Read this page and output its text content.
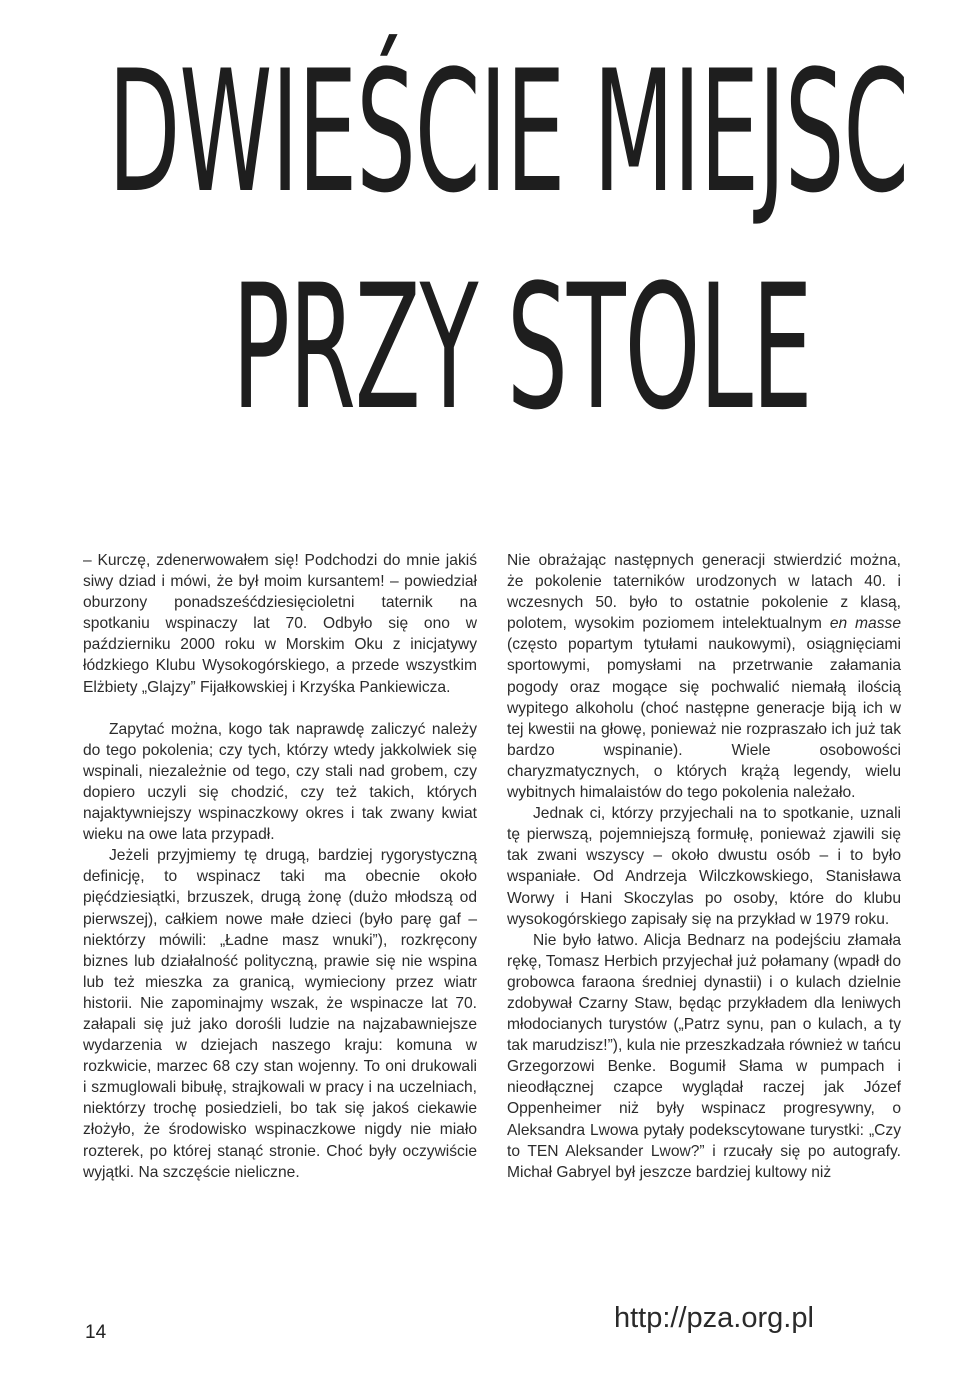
DWIEŚCIE MIEJSC
PRZY STOLE

– Kurczę, zdenerwowałem się! Podchodzi do mnie jakiś siwy dziad i mówi, że był moim kursantem! – powiedział oburzony ponadsześćdziesięcioletni taternik na spotkaniu wspinaczy lat 70. Odbyło się ono w październiku 2000 roku w Morskim Oku z inicjatywy łódzkiego Klubu Wysokogórskiego, a przede wszystkim Elżbiety „Glajzy” Fijałkowskiej i Krzyśka Pankiewicza.

Zapytać można, kogo tak naprawdę zaliczyć należy do tego pokolenia; czy tych, którzy wtedy jakkolwiek się wspinali, niezależnie od tego, czy stali nad grobem, czy dopiero uczyli się chodzić, czy też takich, których najaktywniejszy wspinaczkowy okres i tak zwany kwiat wieku na owe lata przypadł.

Jeżeli przyjmiemy tę drugą, bardziej rygorystyczną definicję, to wspinacz taki ma obecnie około pięćdziesiątki, brzuszek, drugą żonę (dużo młodszą od pierwszej), całkiem nowe małe dzieci (było parę gaf – niektórzy mówili: „Ładne masz wnuki”), rozkręcony biznes lub działalność polityczną, prawie się nie wspina lub też mieszka za granicą, wymieciony przez wiatr historii. Nie zapominajmy wszak, że wspinacze lat 70. załapali się już jako dorośli ludzie na najzabawniejsze wydarzenia w dziejach naszego kraju: komuna w rozkwicie, marzec 68 czy stan wojenny. To oni drukowali i szmuglowali bibułę, strajkowali w pracy i na uczelniach, niektórzy trochę posiedzieli, bo tak się jakoś ciekawie złożyło, że środowisko wspinaczkowe nigdy nie miało rozterek, po której stanąć stronie. Choć były oczywiście wyjątki. Na szczęście nieliczne.

Nie obrażając następnych generacji stwierdzić można, że pokolenie taterników urodzonych w latach 40. i wczesnych 50. było to ostatnie pokolenie z klasą, polotem, wysokim poziomem intelektualnym en masse (często popartym tytułami naukowymi), osiągnięciami sportowymi, pomysłami na przetrwanie załamania pogody oraz mogące się pochwalić niemałą ilością wypitego alkoholu (choć następne generacje biją ich w tej kwestii na głowę, ponieważ nie rozpraszało ich już tak bardzo wspinanie). Wiele osobowości charyzmatycznych, o których krążą legendy, wielu wybitnych himalaistów do tego pokolenia należało.

Jednak ci, którzy przyjechali na to spotkanie, uznali tę pierwszą, pojemniejszą formułę, ponieważ zjawili się tak zwani wszyscy – około dwustu osób – i to było wspaniałe. Od Andrzeja Wilczkowskiego, Stanisława Worwy i Hani Skoczylas po osoby, które do klubu wysokogórskiego zapisały się na przykład w 1979 roku.

Nie było łatwo. Alicja Bednarz na podejściu złamała rękę, Tomasz Herbich przyjechał już połamany (wpadł do grobowca faraona średniej dynastii) i o kulach dzielnie zdobywał Czarny Staw, będąc przykładem dla leniwych młodocianych turystów („Patrz synu, pan o kulach, a ty tak marudzisz!”), kula nie przeszkadzała również w tańcu Grzegorzowi Benke. Bogumił Słama w pumpach i nieodłącznej czapce wyglądał raczej jak Józef Oppenheimer niż były wspinacz progresywny, o Aleksandra Lwowa pytały podekscytowane turystki: „Czy to TEN Aleksander Lwow?” i rzucały się po autografy. Michał Gabryel był jeszcze bardziej kultowy niż

14	http://pza.org.pl
